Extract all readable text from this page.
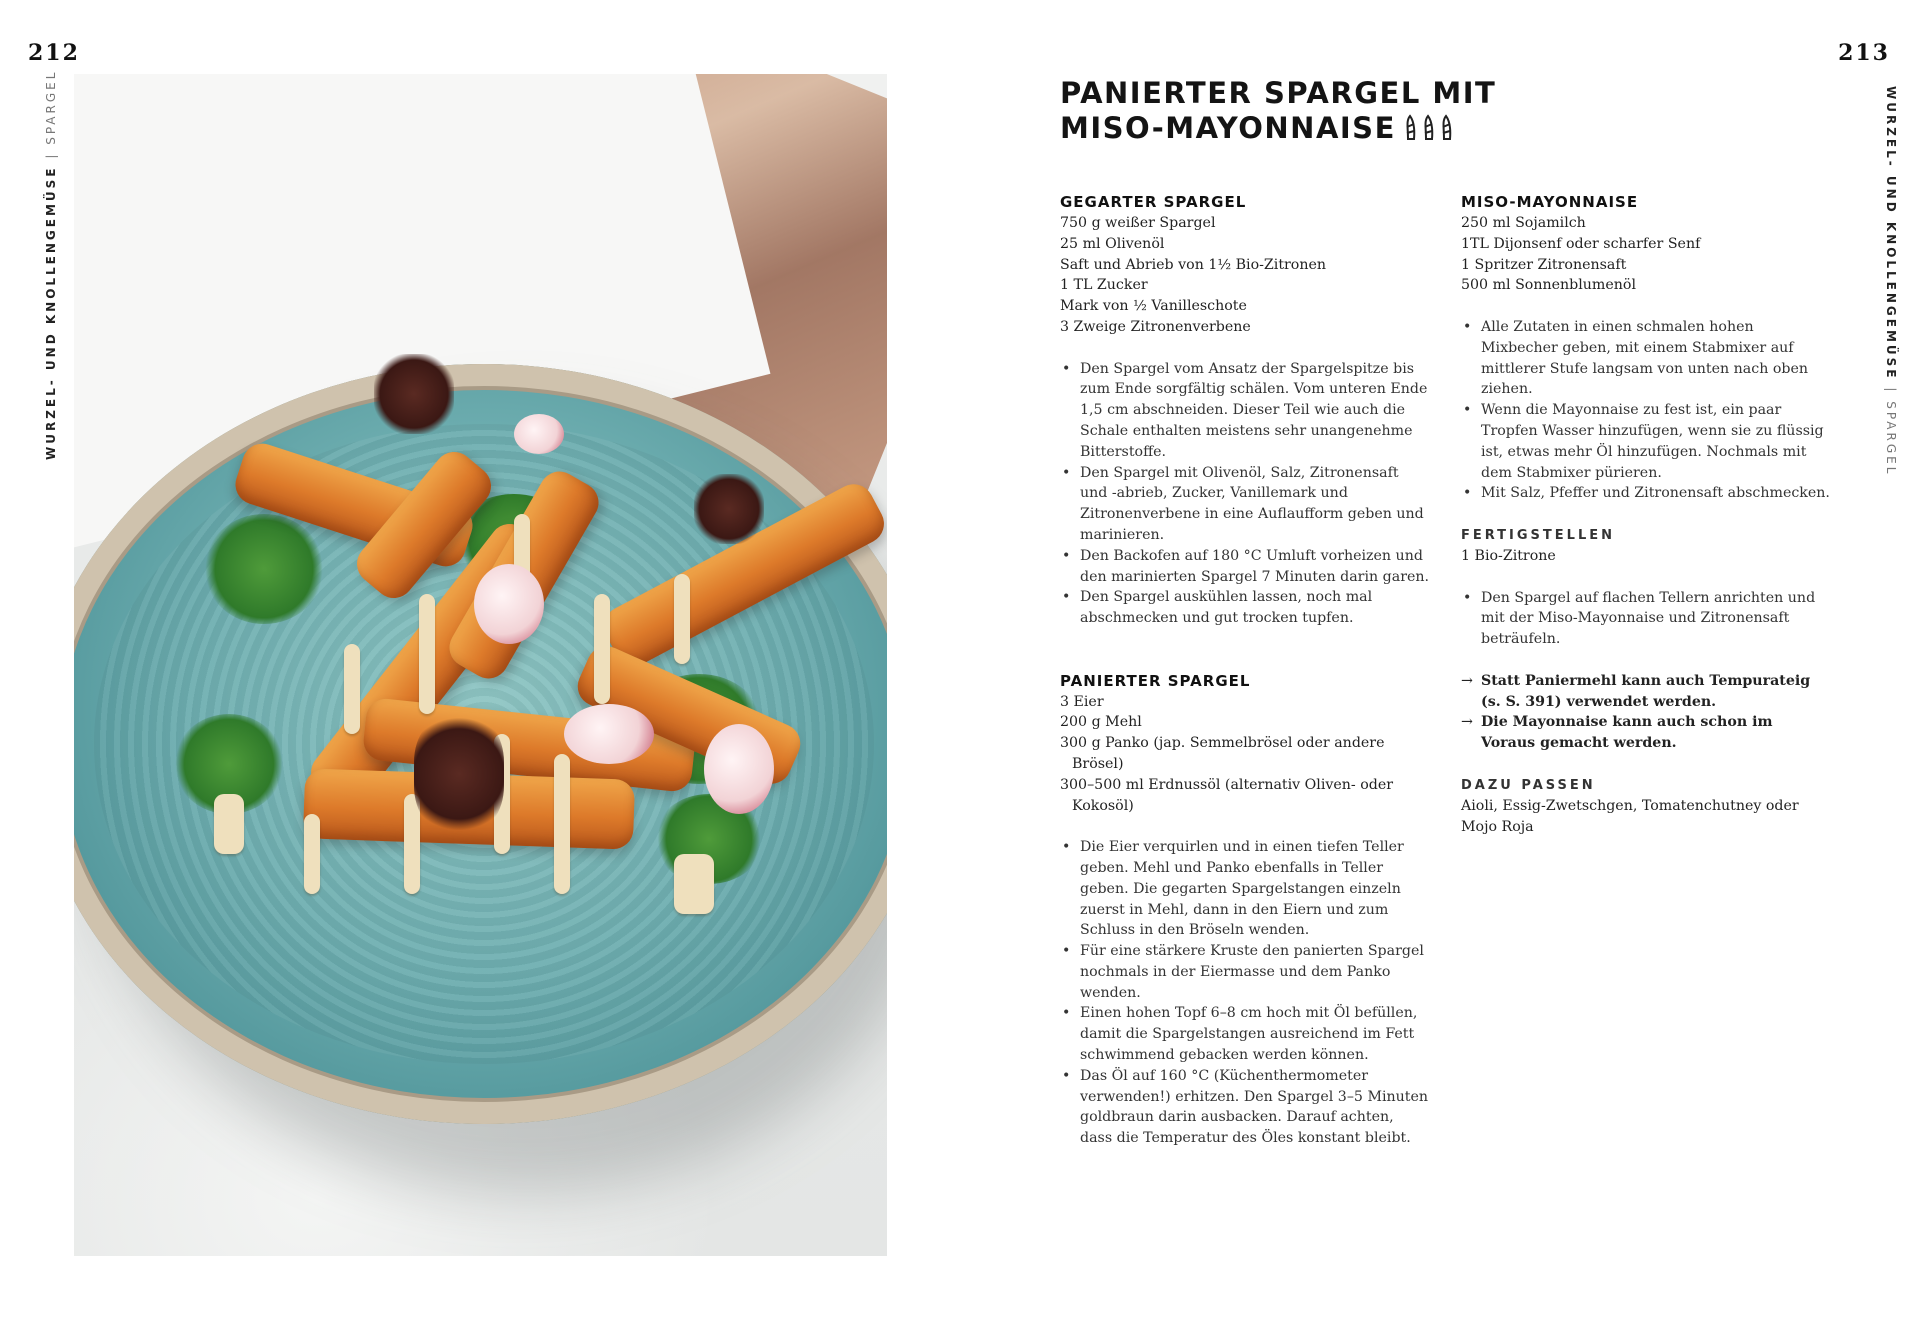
212	213
WURZEL- UND KNOLLENGEMÜSE | SPARGEL	WURZEL- UND KNOLLENGEMÜSE | SPARGEL
PANIERTER SPARGEL MIT
MISO-MAYONNAISE
GEGARTER SPARGEL
750 g weißer Spargel
25 ml Olivenöl
Saft und Abrieb von 1½ Bio-Zitronen
1 TL Zucker
Mark von ½ Vanilleschote
3 Zweige Zitronenverbene
• Den Spargel vom Ansatz der Spargelspitze bis zum Ende sorgfältig schälen. Vom unteren Ende 1,5 cm abschneiden. Dieser Teil wie auch die Schale enthalten meistens sehr unangenehme Bitterstoffe.
• Den Spargel mit Olivenöl, Salz, Zitronensaft und -abrieb, Zucker, Vanillemark und Zitronenverbene in eine Auflaufform geben und marinieren.
• Den Backofen auf 180 °C Umluft vorheizen und den marinierten Spargel 7 Minuten darin garen.
• Den Spargel auskühlen lassen, noch mal abschmecken und gut trocken tupfen.
PANIERTER SPARGEL
3 Eier
200 g Mehl
300 g Panko (jap. Semmelbrösel oder andere Brösel)
300–500 ml Erdnussöl (alternativ Oliven- oder Kokosöl)
• Die Eier verquirlen und in einen tiefen Teller geben. Mehl und Panko ebenfalls in Teller geben. Die gegarten Spargelstangen einzeln zuerst in Mehl, dann in den Eiern und zum Schluss in den Bröseln wenden.
• Für eine stärkere Kruste den panierten Spargel nochmals in der Eiermasse und dem Panko wenden.
• Einen hohen Topf 6–8 cm hoch mit Öl befüllen, damit die Spargelstangen ausreichend im Fett schwimmend gebacken werden können.
• Das Öl auf 160 °C (Küchenthermometer verwenden!) erhitzen. Den Spargel 3–5 Minuten goldbraun darin ausbacken. Darauf achten, dass die Temperatur des Öles konstant bleibt.
MISO-MAYONNAISE
250 ml Sojamilch
1TL Dijonsenf oder scharfer Senf
1 Spritzer Zitronensaft
500 ml Sonnenblumenöl
• Alle Zutaten in einen schmalen hohen Mixbecher geben, mit einem Stabmixer auf mittlerer Stufe langsam von unten nach oben ziehen.
• Wenn die Mayonnaise zu fest ist, ein paar Tropfen Wasser hinzufügen, wenn sie zu flüssig ist, etwas mehr Öl hinzufügen. Nochmals mit dem Stabmixer pürieren.
• Mit Salz, Pfeffer und Zitronensaft abschmecken.
FERTIGSTELLEN
1 Bio-Zitrone
• Den Spargel auf flachen Tellern anrichten und mit der Miso-Mayonnaise und Zitronensaft beträufeln.
→ Statt Paniermehl kann auch Tempurateig (s. S. 391) verwendet werden.
→ Die Mayonnaise kann auch schon im Voraus gemacht werden.
DAZU PASSEN

Aioli, Essig-Zwetschgen, Tomatenchutney oder Mojo Roja
